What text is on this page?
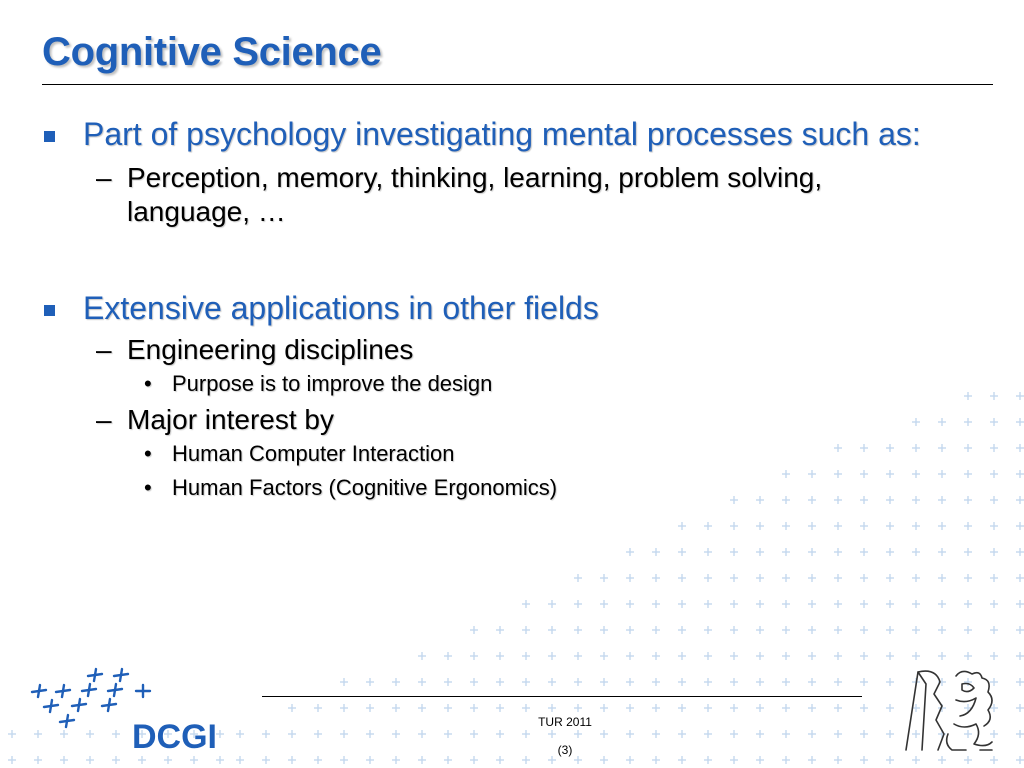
Cognitive Science
Part of psychology investigating mental processes such as:
– Perception, memory, thinking, learning, problem solving, language, …
Extensive applications in other fields
– Engineering disciplines
• Purpose is to improve the design
– Major interest by
• Human Computer Interaction
• Human Factors (Cognitive Ergonomics)
TUR 2011
(3)
DCGI
